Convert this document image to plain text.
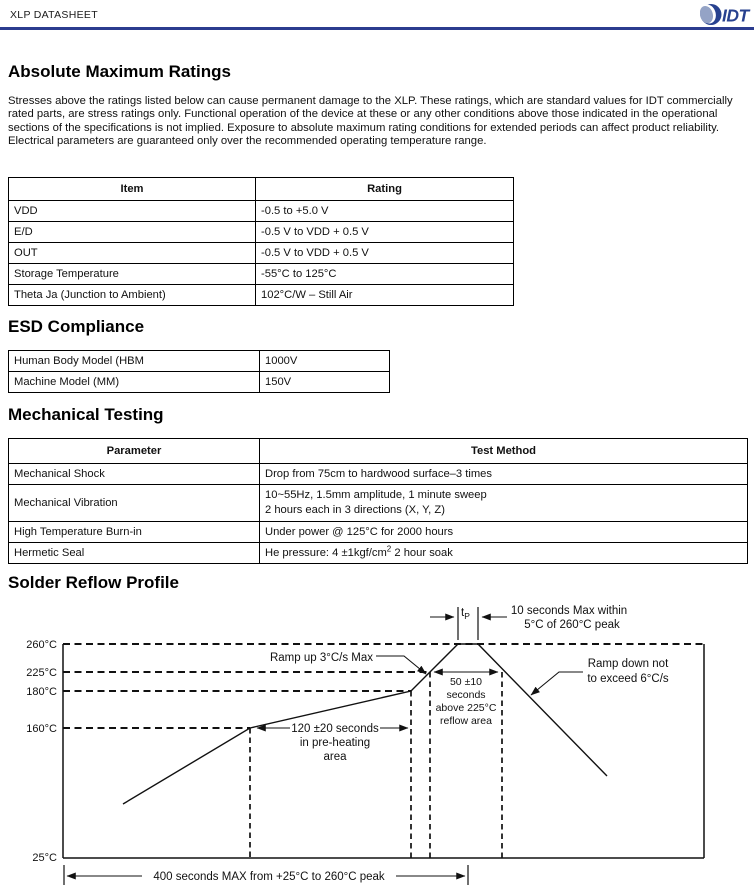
XLP DATASHEET	IDT
Absolute Maximum Ratings

Stresses above the ratings listed below can cause permanent damage to the XLP. These ratings, which are standard values for IDT commercially rated parts, are stress ratings only. Functional operation of the device at these or any other conditions above those indicated in the operational sections of the specifications is not implied. Exposure to absolute maximum rating conditions for extended periods can affect product reliability. Electrical parameters are guaranteed only over the recommended operating temperature range.

Item	Rating
VDD	-0.5 to +5.0 V
E/D	-0.5 V to VDD + 0.5 V
OUT	-0.5 V to VDD + 0.5 V
Storage Temperature	-55°C to 125°C
Theta Ja (Junction to Ambient)	102°C/W – Still Air
ESD Compliance
Human Body Model (HBM	1000V
Machine Model (MM)	150V
Mechanical Testing
Parameter	Test Method
Mechanical Shock	Drop from 75cm to hardwood surface–3 times
Mechanical Vibration	10~55Hz, 1.5mm amplitude, 1 minute sweep
2 hours each in 3 directions (X, Y, Z)

High Temperature Burn-in	Under power @ 125°C for 2000 hours
Hermetic Seal	He pressure: $4 \pm 1kgf/cm^2$ 2 hour soak
Solder Reflow Profile
260°C
225°C
180°C
160°C
25°C
$t_P$	10 seconds Max within
5°C of 260°C peak
Ramp up 3°C/s Max	Ramp down not
to exceed 6°C/s
50 ±10
seconds
above 225°C
reflow area
120 ±20 seconds
in pre-heating
area
400 seconds MAX from +25°C to 260°C peak
